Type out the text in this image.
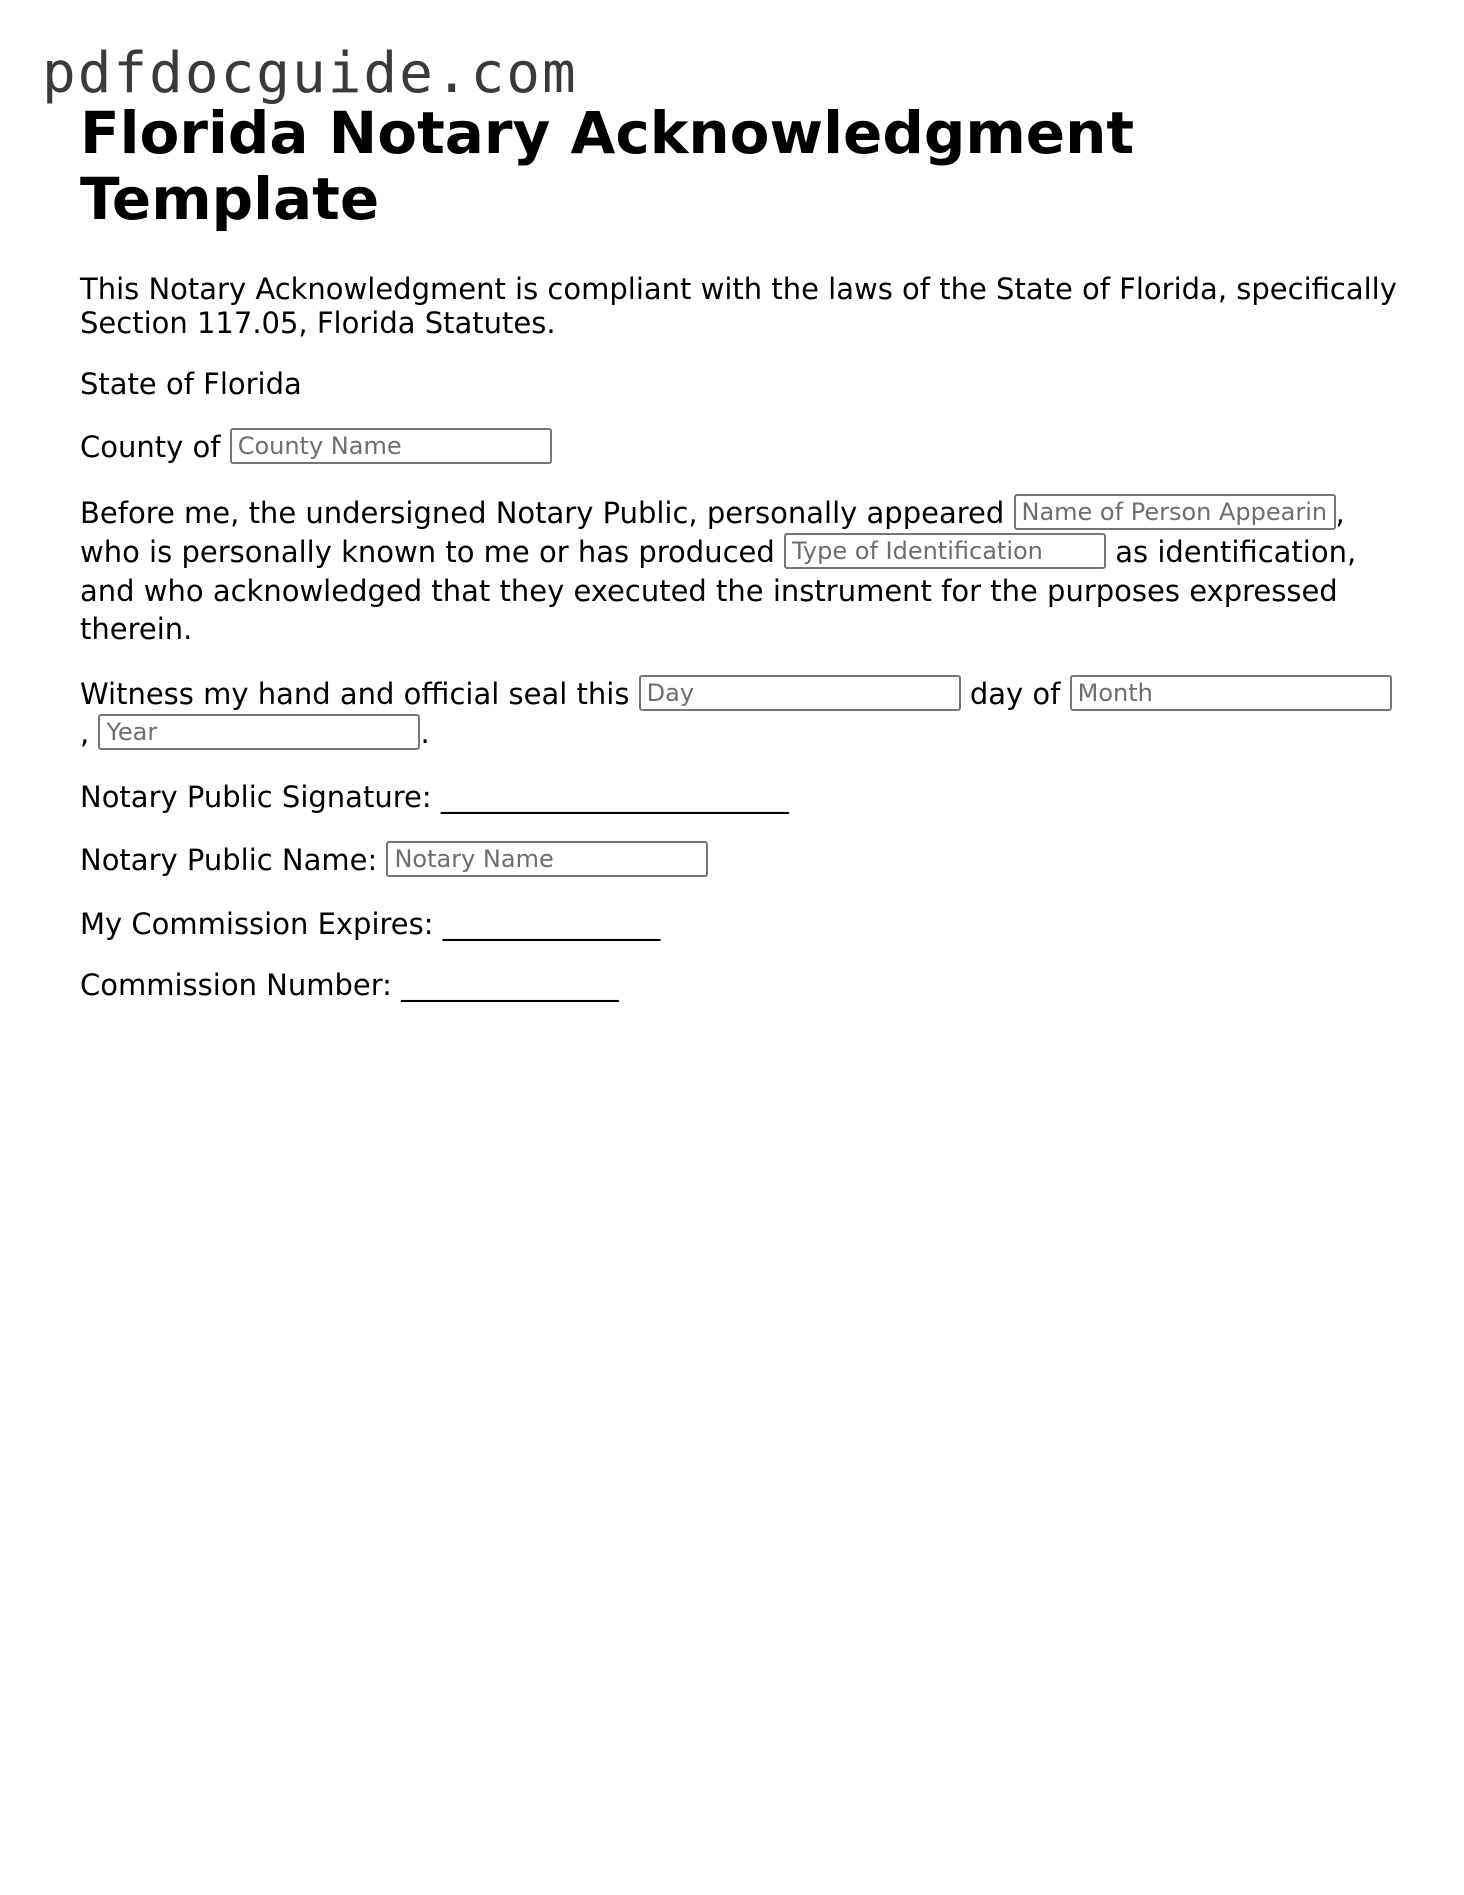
pdfdocguide.com
Florida Notary Acknowledgment Template

This Notary Acknowledgment is compliant with the laws of the State of Florida, specifically Section 117.05, Florida Statutes.

State of Florida

County of County Name

Before me, the undersigned Notary Public, personally appeared Name of Person Appearing	, who is personally known to me or has produced Type of Identification	as identification, and who acknowledged that they executed the instrument for the purposes expressed therein.

Witness my hand and official seal this Day	day of Month , Year	.

Notary Public Signature: ________________________

Notary Public Name: Notary Name

My Commission Expires: _______________

Commission Number: _______________
